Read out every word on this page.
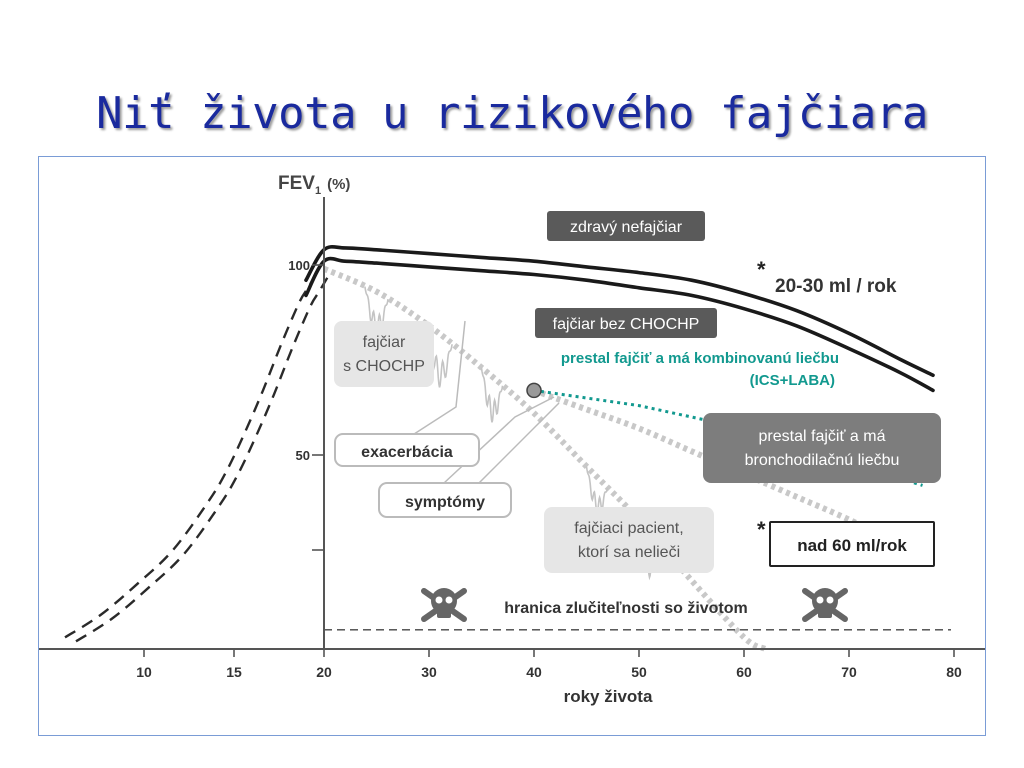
Niť života u rizikového fajčiara
10	15	20	30	40	50	60	70	80
100
50
$FEV_1$ (%)
roky života
zdravý nefajčiar
*
20-30 ml / rok
fajčiar bez CHOCHP
fajčiar
s CHOCHP
exacerbácia
symptómy
fajčiaci pacient,
ktorí sa nelieči
*
nad 60 ml/rok
prestal fajčiť a má
bronchodilačnú liečbu
prestal fajčiť a má kombinovanú liečbu
(ICS+LABA)
hranica zlučiteľnosti so životom
